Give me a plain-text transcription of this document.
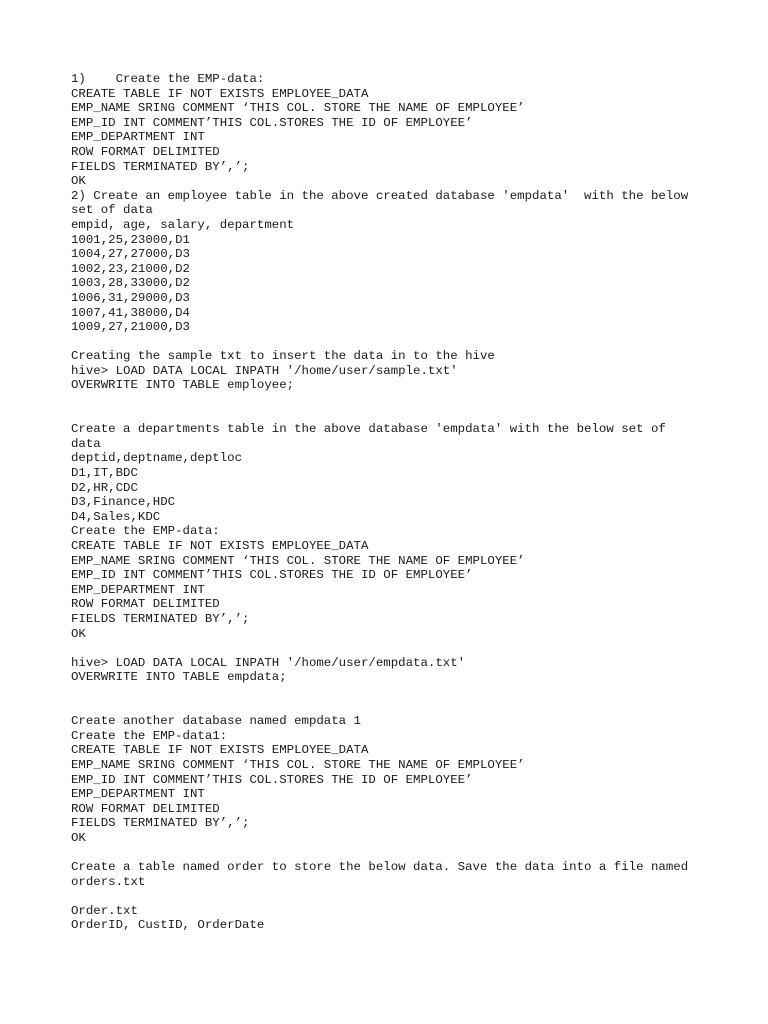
1)    Create the EMP-data:
CREATE TABLE IF NOT EXISTS EMPLOYEE_DATA
EMP_NAME SRING COMMENT ‘THIS COL. STORE THE NAME OF EMPLOYEE’
EMP_ID INT COMMENT’THIS COL.STORES THE ID OF EMPLOYEE’
EMP_DEPARTMENT INT
ROW FORMAT DELIMITED
FIELDS TERMINATED BY’,’;
OK
2) Create an employee table in the above created database 'empdata'  with the below
set of data
empid, age, salary, department
1001,25,23000,D1
1004,27,27000,D3
1002,23,21000,D2
1003,28,33000,D2
1006,31,29000,D3
1007,41,38000,D4
1009,27,21000,D3
Creating the sample txt to insert the data in to the hive
hive> LOAD DATA LOCAL INPATH '/home/user/sample.txt'
OVERWRITE INTO TABLE employee;
Create a departments table in the above database 'empdata' with the below set of
data
deptid,deptname,deptloc
D1,IT,BDC
D2,HR,CDC
D3,Finance,HDC
D4,Sales,KDC
Create the EMP-data:
CREATE TABLE IF NOT EXISTS EMPLOYEE_DATA
EMP_NAME SRING COMMENT ‘THIS COL. STORE THE NAME OF EMPLOYEE’
EMP_ID INT COMMENT’THIS COL.STORES THE ID OF EMPLOYEE’
EMP_DEPARTMENT INT
ROW FORMAT DELIMITED
FIELDS TERMINATED BY’,’;
OK
hive> LOAD DATA LOCAL INPATH '/home/user/empdata.txt'
OVERWRITE INTO TABLE empdata;
Create another database named empdata 1
Create the EMP-data1:
CREATE TABLE IF NOT EXISTS EMPLOYEE_DATA
EMP_NAME SRING COMMENT ‘THIS COL. STORE THE NAME OF EMPLOYEE’
EMP_ID INT COMMENT’THIS COL.STORES THE ID OF EMPLOYEE’
EMP_DEPARTMENT INT
ROW FORMAT DELIMITED
FIELDS TERMINATED BY’,’;
OK
Create a table named order to store the below data. Save the data into a file named
orders.txt
Order.txt
OrderID, CustID, OrderDate
